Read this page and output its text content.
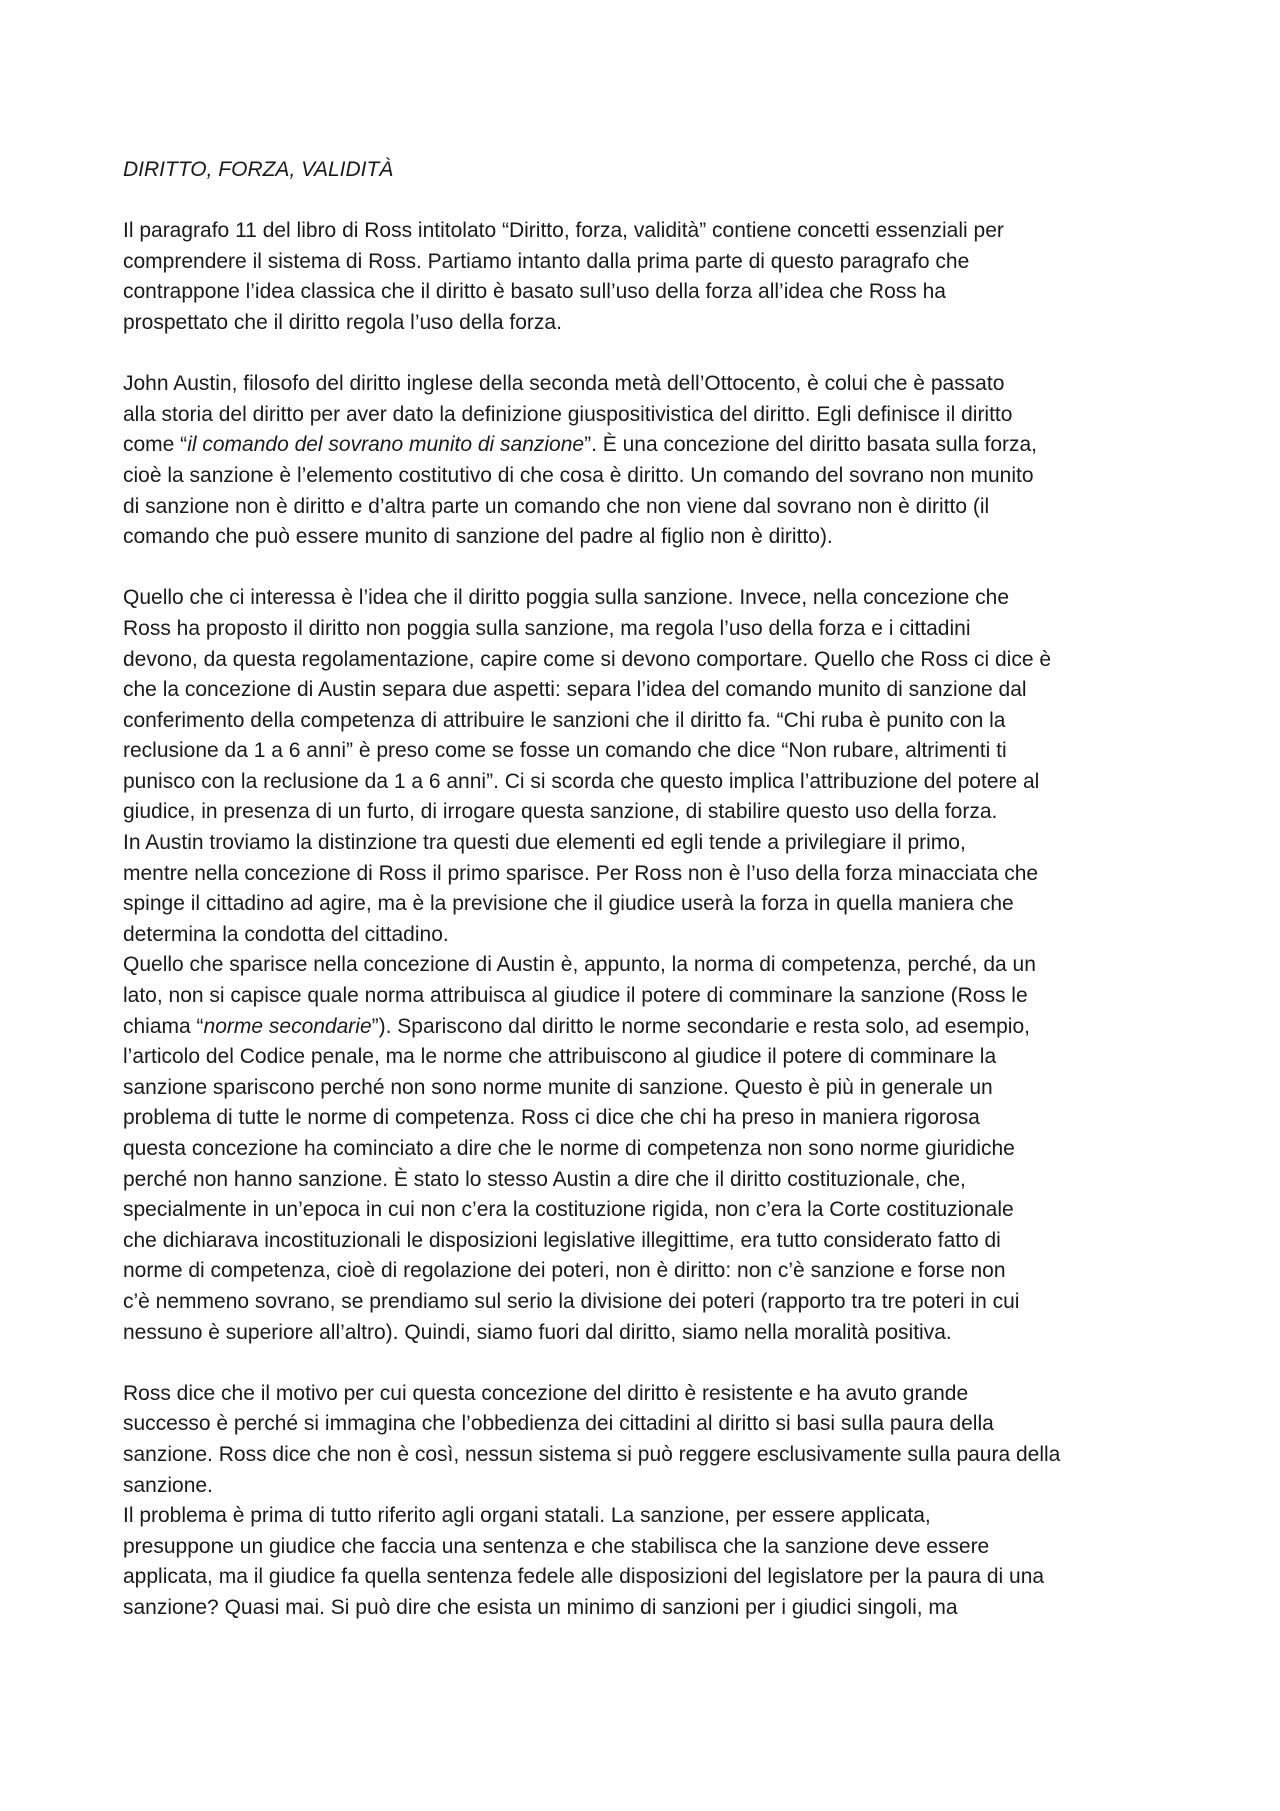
DIRITTO, FORZA, VALIDITÀ

Il paragrafo 11 del libro di Ross intitolato “Diritto, forza, validità” contiene concetti essenziali per
comprendere il sistema di Ross. Partiamo intanto dalla prima parte di questo paragrafo che
contrappone l’idea classica che il diritto è basato sull’uso della forza all’idea che Ross ha
prospettato che il diritto regola l’uso della forza.

John Austin, filosofo del diritto inglese della seconda metà dell’Ottocento, è colui che è passato
alla storia del diritto per aver dato la definizione giuspositivistica del diritto. Egli definisce il diritto
come “il comando del sovrano munito di sanzione”. È una concezione del diritto basata sulla forza,
cioè la sanzione è l’elemento costitutivo di che cosa è diritto. Un comando del sovrano non munito
di sanzione non è diritto e d’altra parte un comando che non viene dal sovrano non è diritto (il
comando che può essere munito di sanzione del padre al figlio non è diritto).

Quello che ci interessa è l’idea che il diritto poggia sulla sanzione. Invece, nella concezione che
Ross ha proposto il diritto non poggia sulla sanzione, ma regola l’uso della forza e i cittadini
devono, da questa regolamentazione, capire come si devono comportare. Quello che Ross ci dice è
che la concezione di Austin separa due aspetti: separa l’idea del comando munito di sanzione dal
conferimento della competenza di attribuire le sanzioni che il diritto fa. “Chi ruba è punito con la
reclusione da 1 a 6 anni” è preso come se fosse un comando che dice “Non rubare, altrimenti ti
punisco con la reclusione da 1 a 6 anni”. Ci si scorda che questo implica l’attribuzione del potere al
giudice, in presenza di un furto, di irrogare questa sanzione, di stabilire questo uso della forza.
In Austin troviamo la distinzione tra questi due elementi ed egli tende a privilegiare il primo,
mentre nella concezione di Ross il primo sparisce. Per Ross non è l’uso della forza minacciata che
spinge il cittadino ad agire, ma è la previsione che il giudice userà la forza in quella maniera che
determina la condotta del cittadino.

Quello che sparisce nella concezione di Austin è, appunto, la norma di competenza, perché, da un
lato, non si capisce quale norma attribuisca al giudice il potere di comminare la sanzione (Ross le
chiama “norme secondarie”). Spariscono dal diritto le norme secondarie e resta solo, ad esempio,
l’articolo del Codice penale, ma le norme che attribuiscono al giudice il potere di comminare la
sanzione spariscono perché non sono norme munite di sanzione. Questo è più in generale un
problema di tutte le norme di competenza. Ross ci dice che chi ha preso in maniera rigorosa
questa concezione ha cominciato a dire che le norme di competenza non sono norme giuridiche
perché non hanno sanzione. È stato lo stesso Austin a dire che il diritto costituzionale, che,
specialmente in un’epoca in cui non c’era la costituzione rigida, non c’era la Corte costituzionale
che dichiarava incostituzionali le disposizioni legislative illegittime, era tutto considerato fatto di
norme di competenza, cioè di regolazione dei poteri, non è diritto: non c’è sanzione e forse non
c’è nemmeno sovrano, se prendiamo sul serio la divisione dei poteri (rapporto tra tre poteri in cui
nessuno è superiore all’altro). Quindi, siamo fuori dal diritto, siamo nella moralità positiva.

Ross dice che il motivo per cui questa concezione del diritto è resistente e ha avuto grande
successo è perché si immagina che l’obbedienza dei cittadini al diritto si basi sulla paura della
sanzione. Ross dice che non è così, nessun sistema si può reggere esclusivamente sulla paura della
sanzione.

Il problema è prima di tutto riferito agli organi statali. La sanzione, per essere applicata,
presuppone un giudice che faccia una sentenza e che stabilisca che la sanzione deve essere
applicata, ma il giudice fa quella sentenza fedele alle disposizioni del legislatore per la paura di una
sanzione? Quasi mai. Si può dire che esista un minimo di sanzioni per i giudici singoli, ma
